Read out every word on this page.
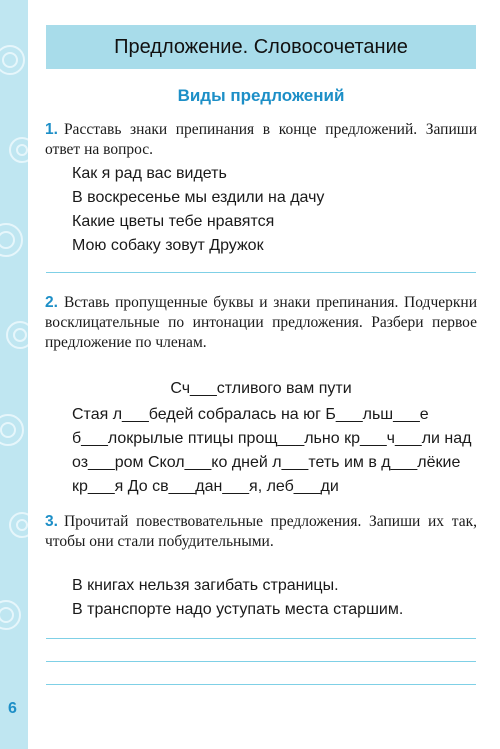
6
Предложение. Словосочетание
Виды предложений
1. Расставь знаки препинания в конце предложений. Запиши ответ на вопрос.
Как я рад вас видеть
В воскресенье мы ездили на дачу
Какие цветы тебе нравятся
Мою собаку зовут Дружок
2. Вставь пропущенные буквы и знаки препинания. Подчеркни восклицательные по интонации предложения. Разбери первое предложение по членам.
Сч___стливого вам пути
Стая л___бедей собралась на юг Б___льш___е
б___локрылые птицы прощ___льно кр___ч___ли над
оз___ром Скол___ко дней л___теть им в д___лёкие
кр___я До св___дан___я, леб___ди
3. Прочитай повествовательные предложения. Запиши их так, чтобы они стали побудительными.
В книгах нельзя загибать страницы.
В транспорте надо уступать места старшим.
